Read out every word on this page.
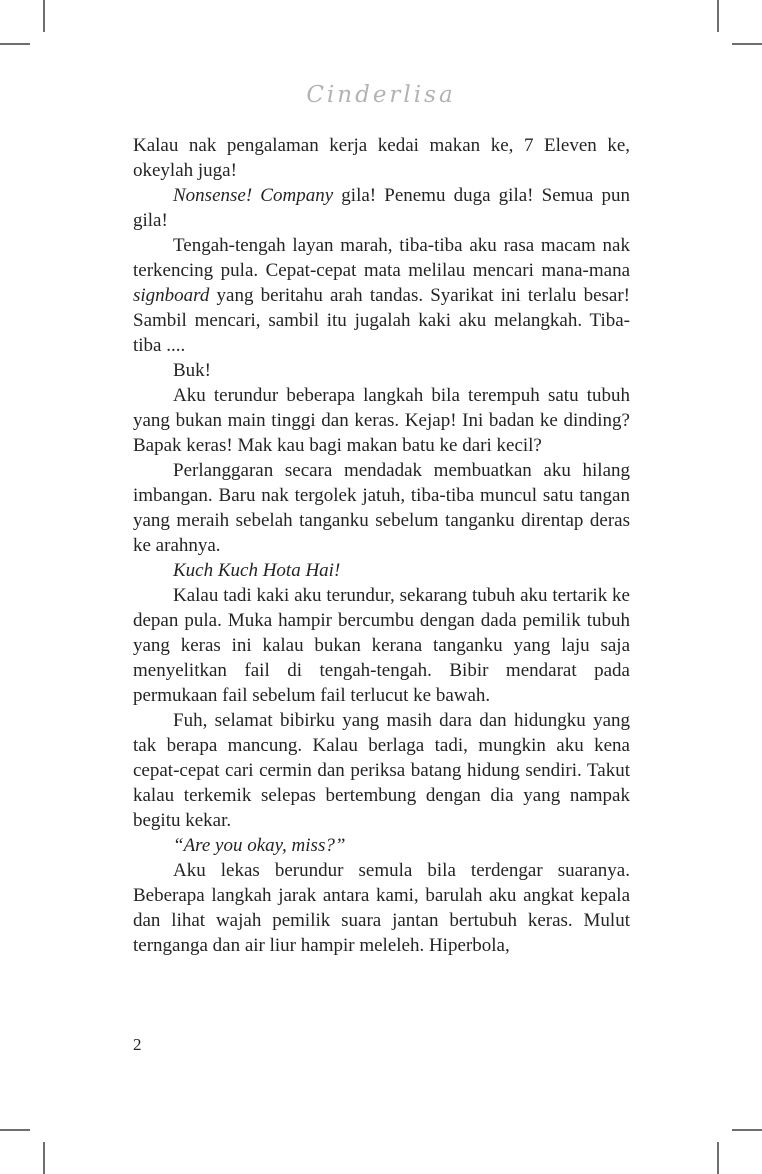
Cinderlisa

Kalau nak pengalaman kerja kedai makan ke, 7 Eleven ke, okeylah juga!

Nonsense! Company gila! Penemu duga gila! Semua pun gila!

Tengah-tengah layan marah, tiba-tiba aku rasa macam nak terkencing pula. Cepat-cepat mata melilau mencari mana-mana signboard yang beritahu arah tandas. Syarikat ini terlalu besar! Sambil mencari, sambil itu jugalah kaki aku melangkah. Tiba-tiba ....

Buk!

Aku terundur beberapa langkah bila terempuh satu tubuh yang bukan main tinggi dan keras. Kejap! Ini badan ke dinding? Bapak keras! Mak kau bagi makan batu ke dari kecil?

Perlanggaran secara mendadak membuatkan aku hilang imbangan. Baru nak tergolek jatuh, tiba-tiba muncul satu tangan yang meraih sebelah tanganku sebelum tanganku direntap deras ke arahnya.

Kuch Kuch Hota Hai!

Kalau tadi kaki aku terundur, sekarang tubuh aku tertarik ke depan pula. Muka hampir bercumbu dengan dada pemilik tubuh yang keras ini kalau bukan kerana tanganku yang laju saja menyelitkan fail di tengah-tengah. Bibir mendarat pada permukaan fail sebelum fail terlucut ke bawah.

Fuh, selamat bibirku yang masih dara dan hidungku yang tak berapa mancung. Kalau berlaga tadi, mungkin aku kena cepat-cepat cari cermin dan periksa batang hidung sendiri. Takut kalau terkemik selepas bertembung dengan dia yang nampak begitu kekar.

“Are you okay, miss?”

Aku lekas berundur semula bila terdengar suaranya. Beberapa langkah jarak antara kami, barulah aku angkat kepala dan lihat wajah pemilik suara jantan bertubuh keras. Mulut ternganga dan air liur hampir meleleh. Hiperbola,

2
